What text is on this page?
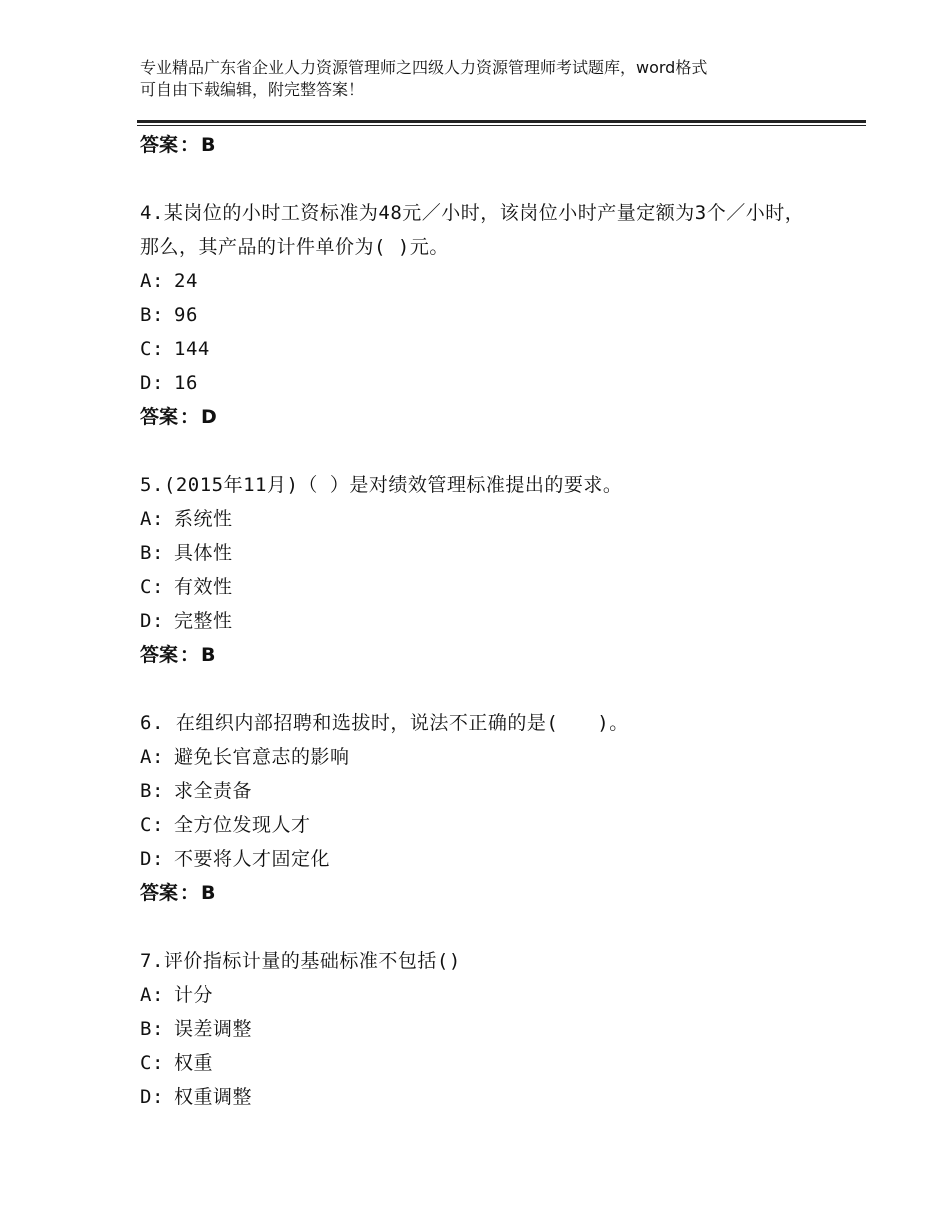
专业精品广东省企业人力资源管理师之四级人力资源管理师考试题库，word格式
可自由下载编辑，附完整答案！
答案 ： B
4.某岗位的小时工资标准为48元／小时，该岗位小时产量定额为3个／小时，那么，其产品的计件单价为( )元。
A: 24
B: 96
C: 144
D: 16
答案 ： D
5.(2015年11月)（ ）是对绩效管理标准提出的要求。
A: 系统性
B: 具体性
C: 有效性
D: 完整性
答案 ： B
6. 在组织内部招聘和选拔时，说法不正确的是(　　)。
A: 避免长官意志的影响
B: 求全责备
C: 全方位发现人才
D: 不要将人才固定化
答案 ： B
7.评价指标计量的基础标准不包括()
A: 计分
B: 误差调整
C: 权重
D: 权重调整
